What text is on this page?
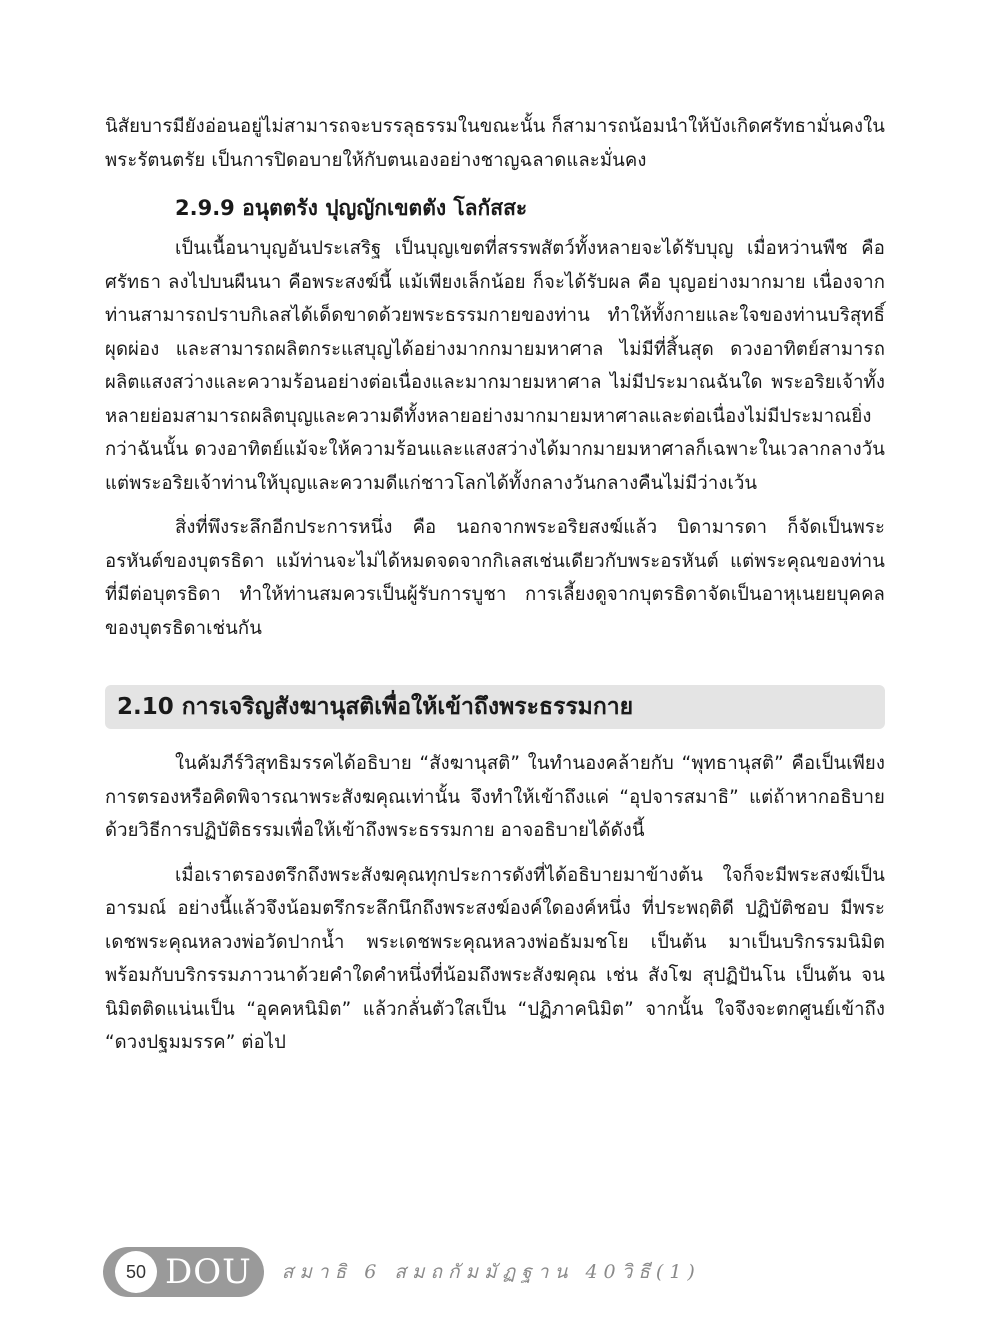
นิสัยบารมียังอ่อนอยู่ไม่สามารถจะบรรลุธรรมในขณะนั้น ก็สามารถน้อมนำให้บังเกิดศรัทธามั่นคงในพระรัตนตรัย เป็นการปิดอบายให้กับตนเองอย่างชาญฉลาดและมั่นคง

2.9.9 อนุตตรัง ปุญญักเขตตัง โลกัสสะ

เป็นเนื้อนาบุญอันประเสริฐ เป็นบุญเขตที่สรรพสัตว์ทั้งหลายจะได้รับบุญ เมื่อหว่านพืช คือศรัทธา ลงไปบนผืนนา คือพระสงฆ์นี้ แม้เพียงเล็กน้อย ก็จะได้รับผล คือ บุญอย่างมากมาย เนื่องจาก ท่านสามารถปราบกิเลสได้เด็ดขาดด้วยพระธรรมกายของท่าน ทำให้ทั้งกายและใจของท่านบริสุทธิ์ผุดผ่อง และสามารถผลิตกระแสบุญได้อย่างมากกมายมหาศาล ไม่มีที่สิ้นสุด ดวงอาทิตย์สามารถผลิตแสงสว่างและความร้อนอย่างต่อเนื่องและมากมายมหาศาล ไม่มีประมาณฉันใด พระอริยเจ้าทั้งหลายย่อมสามารถผลิตบุญและความดีทั้งหลายอย่างมากมายมหาศาลและต่อเนื่องไม่มีประมาณยิ่งกว่าฉันนั้น ดวงอาทิตย์แม้จะให้ความร้อนและแสงสว่างได้มากมายมหาศาลก็เฉพาะในเวลากลางวัน แต่พระอริยเจ้าท่านให้บุญและความดีแก่ชาวโลกได้ทั้งกลางวันกลางคืนไม่มีว่างเว้น

สิ่งที่พึงระลึกอีกประการหนึ่ง คือ นอกจากพระอริยสงฆ์แล้ว บิดามารดา ก็จัดเป็นพระอรหันต์ของบุตรธิดา แม้ท่านจะไม่ได้หมดจดจากกิเลสเช่นเดียวกับพระอรหันต์ แต่พระคุณของท่านที่มีต่อบุตรธิดา ทำให้ท่านสมควรเป็นผู้รับการบูชา การเลี้ยงดูจากบุตรธิดาจัดเป็นอาหุเนยยบุคคลของบุตรธิดาเช่นกัน

2.10 การเจริญสังฆานุสติเพื่อให้เข้าถึงพระธรรมกาย

ในคัมภีร์วิสุทธิมรรคได้อธิบาย “สังฆานุสติ” ในทำนองคล้ายกับ “พุทธานุสติ” คือเป็นเพียงการตรองหรือคิดพิจารณาพระสังฆคุณเท่านั้น จึงทำให้เข้าถึงแค่ “อุปจารสมาธิ” แต่ถ้าหากอธิบายด้วยวิธีการปฏิบัติธรรมเพื่อให้เข้าถึงพระธรรมกาย อาจอธิบายได้ดังนี้

เมื่อเราตรองตรึกถึงพระสังฆคุณทุกประการดังที่ได้อธิบายมาข้างต้น ใจก็จะมีพระสงฆ์เป็นอารมณ์ อย่างนี้แล้วจึงน้อมตรึกระลึกนึกถึงพระสงฆ์องค์ใดองค์หนึ่ง ที่ประพฤติดี ปฏิบัติชอบ มีพระเดชพระคุณหลวงพ่อวัดปากน้ำ พระเดชพระคุณหลวงพ่อธัมมชโย เป็นต้น มาเป็นบริกรรมนิมิต พร้อมกับบริกรรมภาวนาด้วยคำใดคำหนึ่งที่น้อมถึงพระสังฆคุณ เช่น สังโฆ สุปฏิปันโน เป็นต้น จนนิมิตติดแน่นเป็น “อุคคหนิมิต” แล้วกลั่นตัวใสเป็น “ปฏิภาคนิมิต” จากนั้น ใจจึงจะตกศูนย์เข้าถึง “ดวงปฐมมรรค” ต่อไป

50 DOU สมาธิ 6 สมถกัมมัฏฐาน 40วิธี(1)
